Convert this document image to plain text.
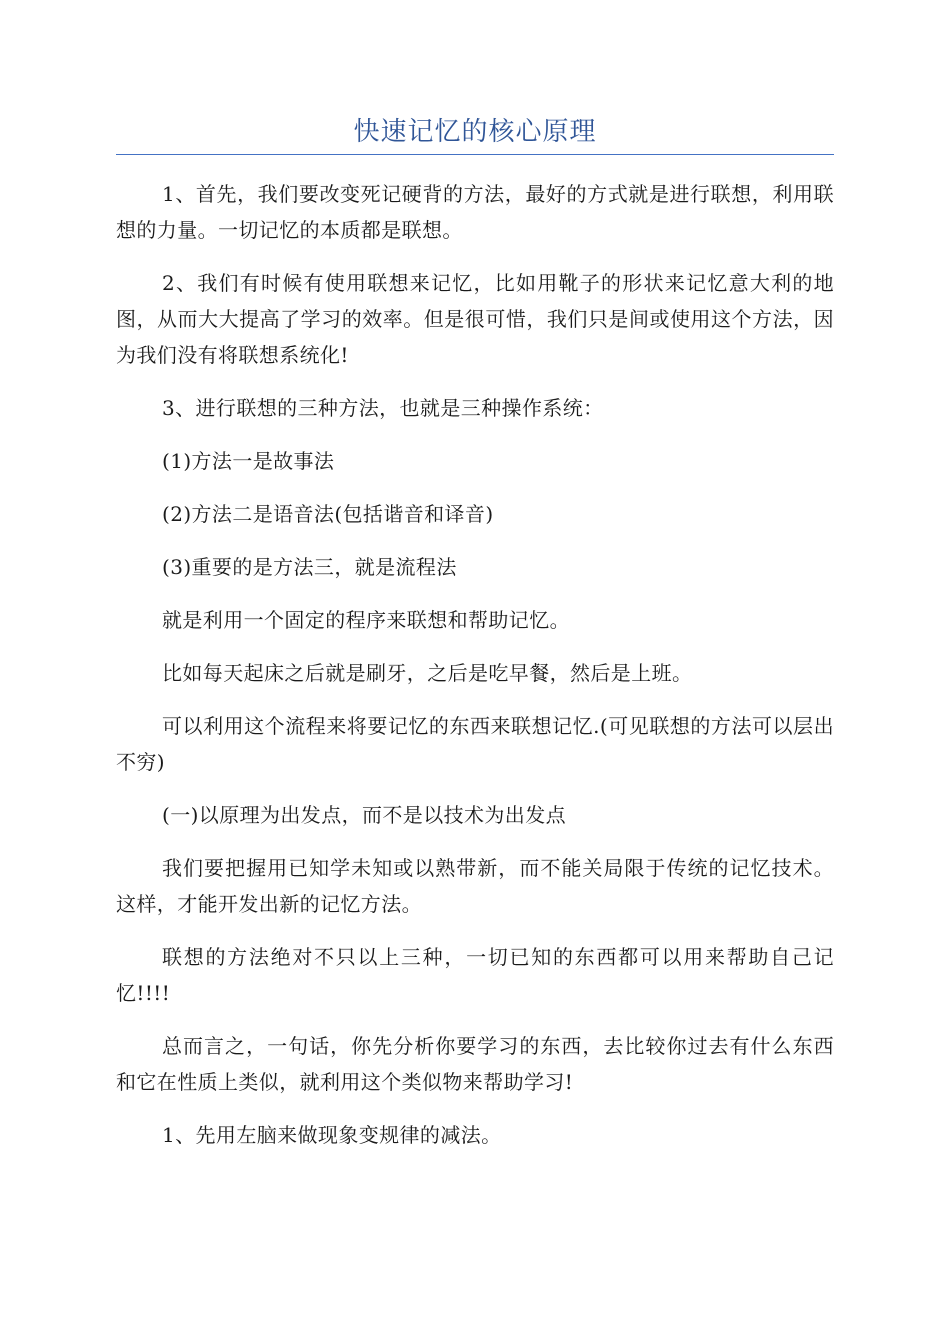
快速记忆的核心原理

1、首先，我们要改变死记硬背的方法，最好的方式就是进行联想，利用联想的力量。一切记忆的本质都是联想。

2、我们有时候有使用联想来记忆，比如用靴子的形状来记忆意大利的地图，从而大大提高了学习的效率。但是很可惜，我们只是间或使用这个方法，因为我们没有将联想系统化!

3、进行联想的三种方法，也就是三种操作系统：

(1)方法一是故事法

(2)方法二是语音法(包括谐音和译音)

(3)重要的是方法三，就是流程法

就是利用一个固定的程序来联想和帮助记忆。

比如每天起床之后就是刷牙，之后是吃早餐，然后是上班。

可以利用这个流程来将要记忆的东西来联想记忆.(可见联想的方法可以层出不穷)

(一)以原理为出发点，而不是以技术为出发点

我们要把握用已知学未知或以熟带新，而不能关局限于传统的记忆技术。这样，才能开发出新的记忆方法。

联想的方法绝对不只以上三种，一切已知的东西都可以用来帮助自己记忆!!!!

总而言之，一句话，你先分析你要学习的东西，去比较你过去有什么东西和它在性质上类似，就利用这个类似物来帮助学习!

1、先用左脑来做现象变规律的减法。
